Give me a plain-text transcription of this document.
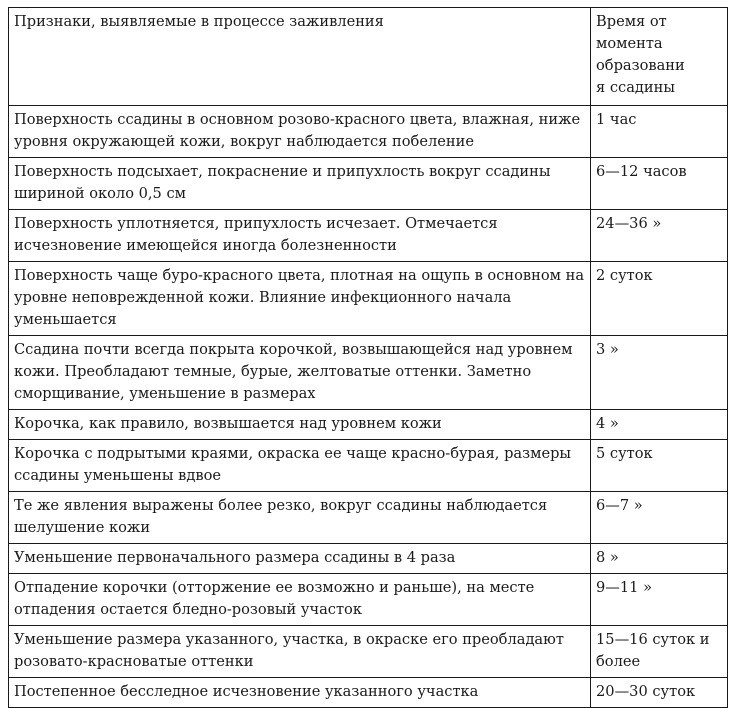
Признаки, выявляемые в процессе заживления	Время от момента образования ссадины
Поверхность ссадины в основном розово-красного цвета, влажная, ниже уровня окружающей кожи, вокруг наблюдается побеление	1 час
Поверхность подсыхает, покраснение и припухлость вокруг ссадины шириной около 0,5 см	6—12 часов
Поверхность уплотняется, припухлость исчезает. Отмечается исчезновение имеющейся иногда болезненности	24—36 »
Поверхность чаще буро-красного цвета, плотная на ощупь в основном на уровне неповрежденной кожи. Влияние инфекционного начала уменьшается	2 суток
Ссадина почти всегда покрыта корочкой, возвышающейся над уровнем кожи. Преобладают темные, бурые, желтоватые оттенки. Заметно сморщивание, уменьшение в размерах	3 »
Корочка, как правило, возвышается над уровнем кожи	4 »
Корочка с подрытыми краями, окраска ее чаще красно-бурая, размеры ссадины уменьшены вдвое	5 суток
Те же явления выражены более резко, вокруг ссадины наблюдается шелушение кожи	6—7 »
Уменьшение первоначального размера ссадины в 4 раза	8 »
Отпадение корочки (отторжение ее возможно и раньше), на месте отпадения остается бледно-розовый участок	9—11 »
Уменьшение размера указанного, участка, в окраске его преобладают розовато-красноватые оттенки	15—16 суток и более
Постепенное бесследное исчезновение указанного участка	20—30 суток
